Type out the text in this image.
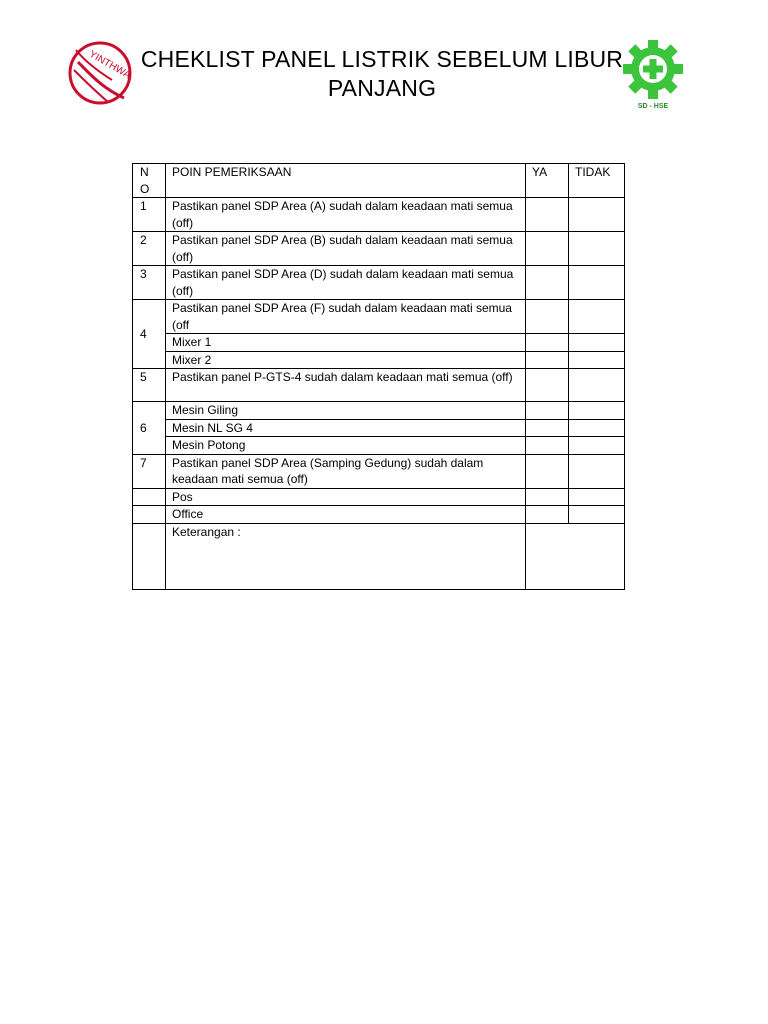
YINTHWA CHEKLIST PANEL LISTRIK SEBELUM LIBUR PANJANG
SD - HSE
N O	POIN PEMERIKSAAN	YA	TIDAK
1	Pastikan panel SDP Area (A) sudah dalam keadaan mati semua (off)		
2	Pastikan panel SDP Area (B) sudah dalam keadaan mati semua (off)		
3	Pastikan panel SDP Area (D) sudah dalam keadaan mati semua (off)		
4	Pastikan panel SDP Area (F) sudah dalam keadaan mati semua (off		
	Mixer 1		
	Mixer 2		
5	Pastikan panel P-GTS-4 sudah dalam keadaan mati semua (off)		
6	Mesin Giling		
	Mesin NL SG 4		
	Mesin Potong		
7	Pastikan panel SDP Area (Samping Gedung) sudah dalam keadaan mati semua (off)		
	Pos		
	Office		
	Keterangan :		
